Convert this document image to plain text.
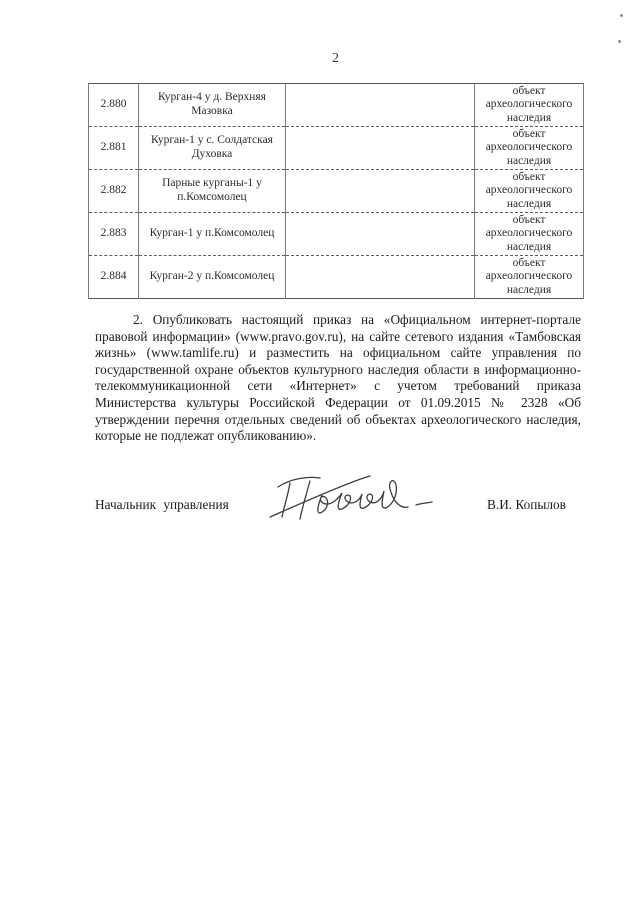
2
2.880	Курган-4 у д. Верхняя Мазовка		объект археологического наследия
2.881	Курган-1 у с. Солдатская Духовка		объект археологического наследия
2.882	Парные курганы-1 у п.Комсомолец		объект археологического наследия
2.883	Курган-1 у п.Комсомолец		объект археологического наследия
2.884	Курган-2 у п.Комсомолец		объект археологического наследия

2. Опубликовать настоящий приказ на «Официальном интернет-портале правовой информации» (www.pravo.gov.ru), на сайте сетевого издания «Тамбовская жизнь» (www.tamlife.ru) и разместить на официальном сайте управления по государственной охране объектов культурного наследия области в информационно-телекоммуникационной сети «Интернет» с учетом требований приказа Министерства культуры Российской Федерации от 01.09.2015 № 2328 «Об утверждении перечня отдельных сведений об объектах археологического наследия, которые не подлежат опубликованию».

Начальник управления	В.И. Копылов
